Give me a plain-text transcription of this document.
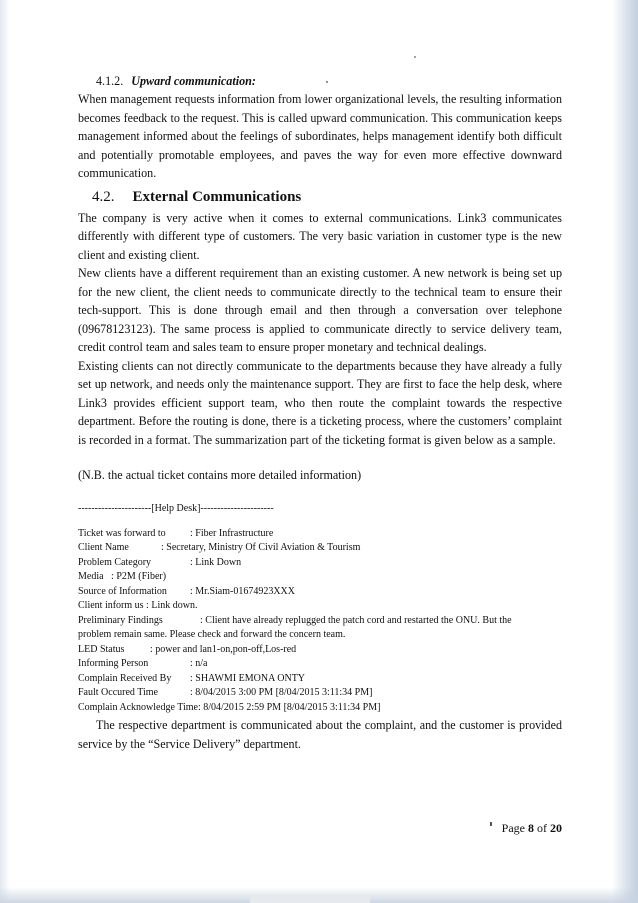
4.1.2. Upward communication:

When management requests information from lower organizational levels, the resulting information becomes feedback to the request. This is called upward communication. This communication keeps management informed about the feelings of subordinates, helps management identify both difficult and potentially promotable employees, and paves the way for even more effective downward communication.

4.2. External Communications

The company is very active when it comes to external communications. Link3 communicates differently with different type of customers. The very basic variation in customer type is the new client and existing client.

New clients have a different requirement than an existing customer. A new network is being set up for the new client, the client needs to communicate directly to the technical team to ensure their tech-support. This is done through email and then through a conversation over telephone (09678123123). The same process is applied to communicate directly to service delivery team, credit control team and sales team to ensure proper monetary and technical dealings.

Existing clients can not directly communicate to the departments because they have already a fully set up network, and needs only the maintenance support. They are first to face the help desk, where Link3 provides efficient support team, who then route the complaint towards the respective department. Before the routing is done, there is a ticketing process, where the customers’ complaint is recorded in a format. The summarization part of the ticketing format is given below as a sample.

(N.B. the actual ticket contains more detailed information)

----------------------[Help Desk]----------------------

Ticket was forward to : Fiber Infrastructure

Client Name	: Secretary, Ministry Of Civil Aviation & Tourism

Problem Category	: Link Down

Media   : P2M (Fiber)

Source of Information : Mr.Siam-01674923XXX

Client inform us : Link down.

Preliminary Findings	: Client have already replugged the patch cord and restarted the ONU. But the

problem remain same. Please check and forward the concern team.

LED Status	: power and lan1-on,pon-off,Los-red

Informing Person	: n/a

Complain Received By : SHAWMI EMONA ONTY

Fault Occured Time	: 8/04/2015 3:00 PM [8/04/2015 3:11:34 PM]

Complain Acknowledge Time: 8/04/2015 2:59 PM [8/04/2015 3:11:34 PM]

The respective department is communicated about the complaint, and the customer is provided service by the “Service Delivery” department.

Page 8 of 20
